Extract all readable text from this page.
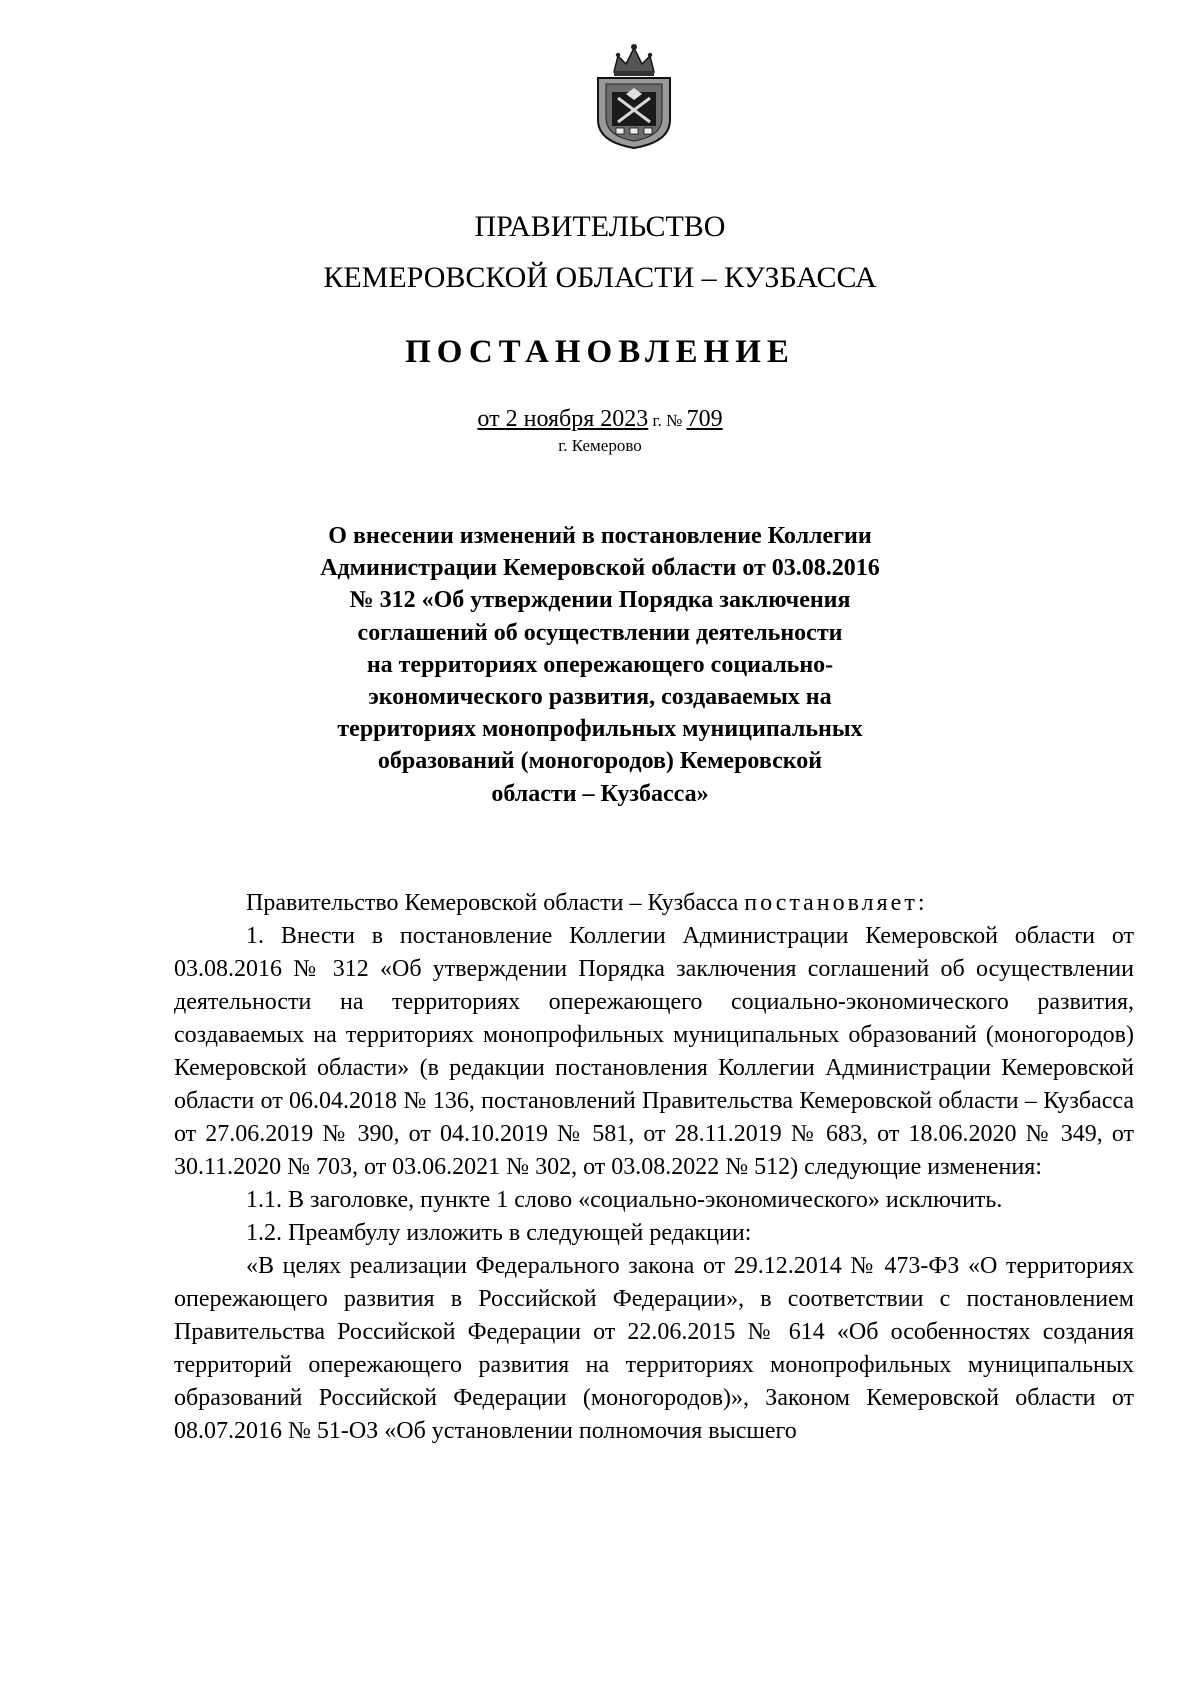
ПРАВИТЕЛЬСТВО
КЕМЕРОВСКОЙ ОБЛАСТИ – КУЗБАССА
ПОСТАНОВЛЕНИЕ
от 2 ноября 2023 г. № 709
г. Кемерово
О внесении изменений в постановление Коллегии
Администрации Кемеровской области от 03.08.2016
№ 312 «Об утверждении Порядка заключения
соглашений об осуществлении деятельности
на территориях опережающего социально-
экономического развития, создаваемых на
территориях монопрофильных муниципальных
образований (моногородов) Кемеровской
области – Кузбасса»

Правительство Кемеровской области – Кузбасса постановляет:

1. Внести в постановление Коллегии Администрации Кемеровской области от 03.08.2016 № 312 «Об утверждении Порядка заключения соглашений об осуществлении деятельности на территориях опережающего социально-экономического развития, создаваемых на территориях монопрофильных муниципальных образований (моногородов) Кемеровской области» (в редакции постановления Коллегии Администрации Кемеровской области от 06.04.2018 № 136, постановлений Правительства Кемеровской области – Кузбасса от 27.06.2019 № 390, от 04.10.2019 № 581, от 28.11.2019 № 683, от 18.06.2020 № 349, от 30.11.2020 № 703, от 03.06.2021 № 302, от 03.08.2022 № 512) следующие изменения:

1.1. В заголовке, пункте 1 слово «социально-экономического» исключить.

1.2. Преамбулу изложить в следующей редакции:

«В целях реализации Федерального закона от 29.12.2014 № 473-ФЗ «О территориях опережающего развития в Российской Федерации», в соответствии с постановлением Правительства Российской Федерации от 22.06.2015 № 614 «Об особенностях создания территорий опережающего развития на территориях монопрофильных муниципальных образований Российской Федерации (моногородов)», Законом Кемеровской области от 08.07.2016 № 51-ОЗ «Об установлении полномочия высшего
